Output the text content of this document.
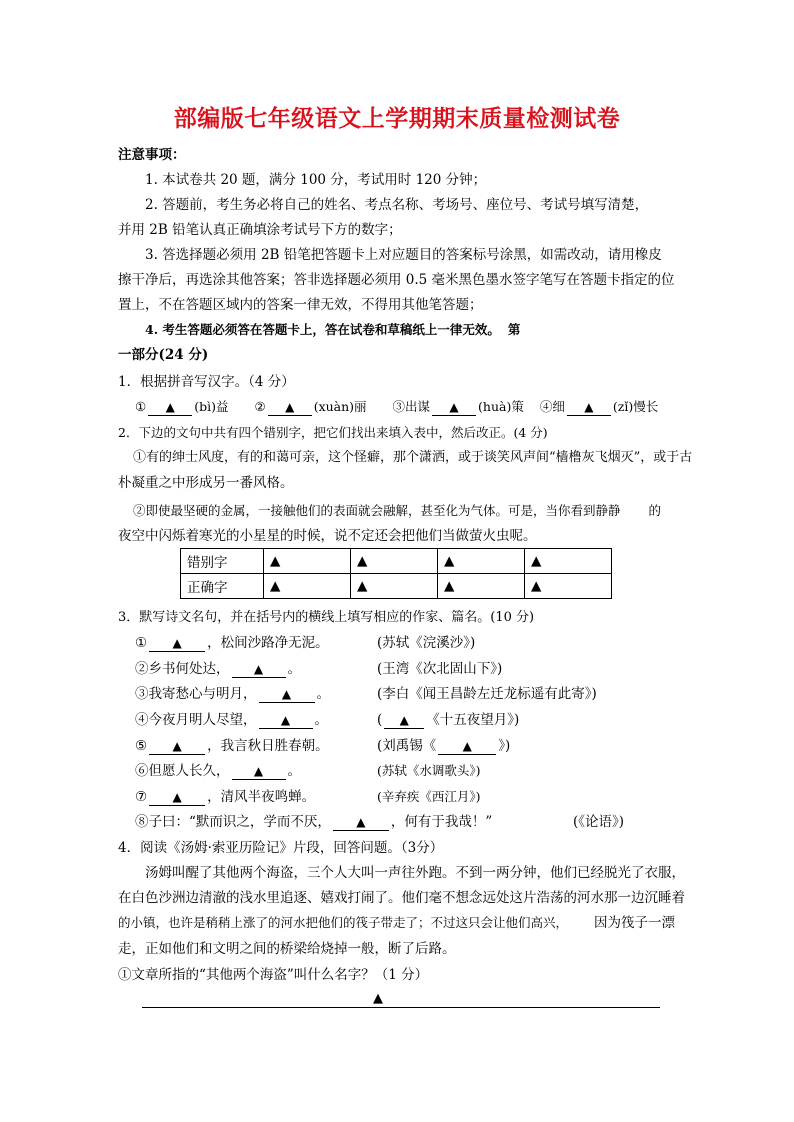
部编版七年级语文上学期期末质量检测试卷
注意事项：
1. 本试卷共 20 题，满分 100 分，考试用时 120 分钟；
2. 答题前，考生务必将自己的姓名、考点名称、考场号、座位号、考试号填写清楚，
并用 2B 铅笔认真正确填涂考试号下方的数字；
3. 答选择题必须用 2B 铅笔把答题卡上对应题目的答案标号涂黑，如需改动，请用橡皮
擦干净后，再选涂其他答案；答非选择题必须用 0.5 毫米黑色墨水签字笔写在答题卡指定的位
置上，不在答题区域内的答案一律无效，不得用其他笔答题；
4. 考生答题必须答在答题卡上，答在试卷和草稿纸上一律无效。 第
一部分(24 分)
1．根据拼音写汉字。（4 分）
① ▲ (bì)益 ② ▲ (xuàn)丽 ③出谋 ▲ (huà)策 ④细 ▲ (zǐ)慢长
2．下边的文句中共有四个错别字，把它们找出来填入表中，然后改正。(4 分)
①有的绅士风度，有的和蔼可亲，这个怪癖，那个潇洒，或于谈笑风声间“樯橹灰飞烟灭”，或于古
朴凝重之中形成另一番风格。
②即使最坚硬的金属，一接触他们的表面就会融解，甚至化为气体。可是，当你看到静静 的
夜空中闪烁着寒光的小星星的时候，说不定还会把他们当做萤火虫呢。
错别字	▲	▲	▲	▲
正确字	▲	▲	▲	▲
3．默写诗文名句，并在括号内的横线上填写相应的作家、篇名。(10 分)
① ▲ ，松间沙路净无泥。	(苏轼《浣溪沙》)
②乡书何处达， ▲ 。	(王湾《次北固山下》)
③我寄愁心与明月， ▲ 。	(李白《闻王昌龄左迁龙标遥有此寄》)
④今夜月明人尽望， ▲ 。	( ▲ 《十五夜望月》)
⑤ ▲ ，我言秋日胜春朝。	(刘禹锡《 ▲ 》)
⑥但愿人长久， ▲ 。	(苏轼《水调歌头》)
⑦ ▲ ，清风半夜鸣蝉。	(辛弃疾《西江月》)
⑧子曰：“默而识之，学而不厌， ▲ ，何有于我哉！”	(《论语》)
4．阅读《汤姆·索亚历险记》片段，回答问题。（3分）
汤姆叫醒了其他两个海盗，三个人大叫一声往外跑。不到一两分钟，他们已经脱光了衣服，
在白色沙洲边清澈的浅水里追逐、嬉戏打闹了。他们毫不想念远处这片浩荡的河水那一边沉睡着
的小镇，也许是稍稍上涨了的河水把他们的筏子带走了；不过这只会让他们高兴， 因为筏子一漂
走，正如他们和文明之间的桥梁给烧掉一般，断了后路。
①文章所指的“其他两个海盗”叫什么名字？（1 分）
▲
